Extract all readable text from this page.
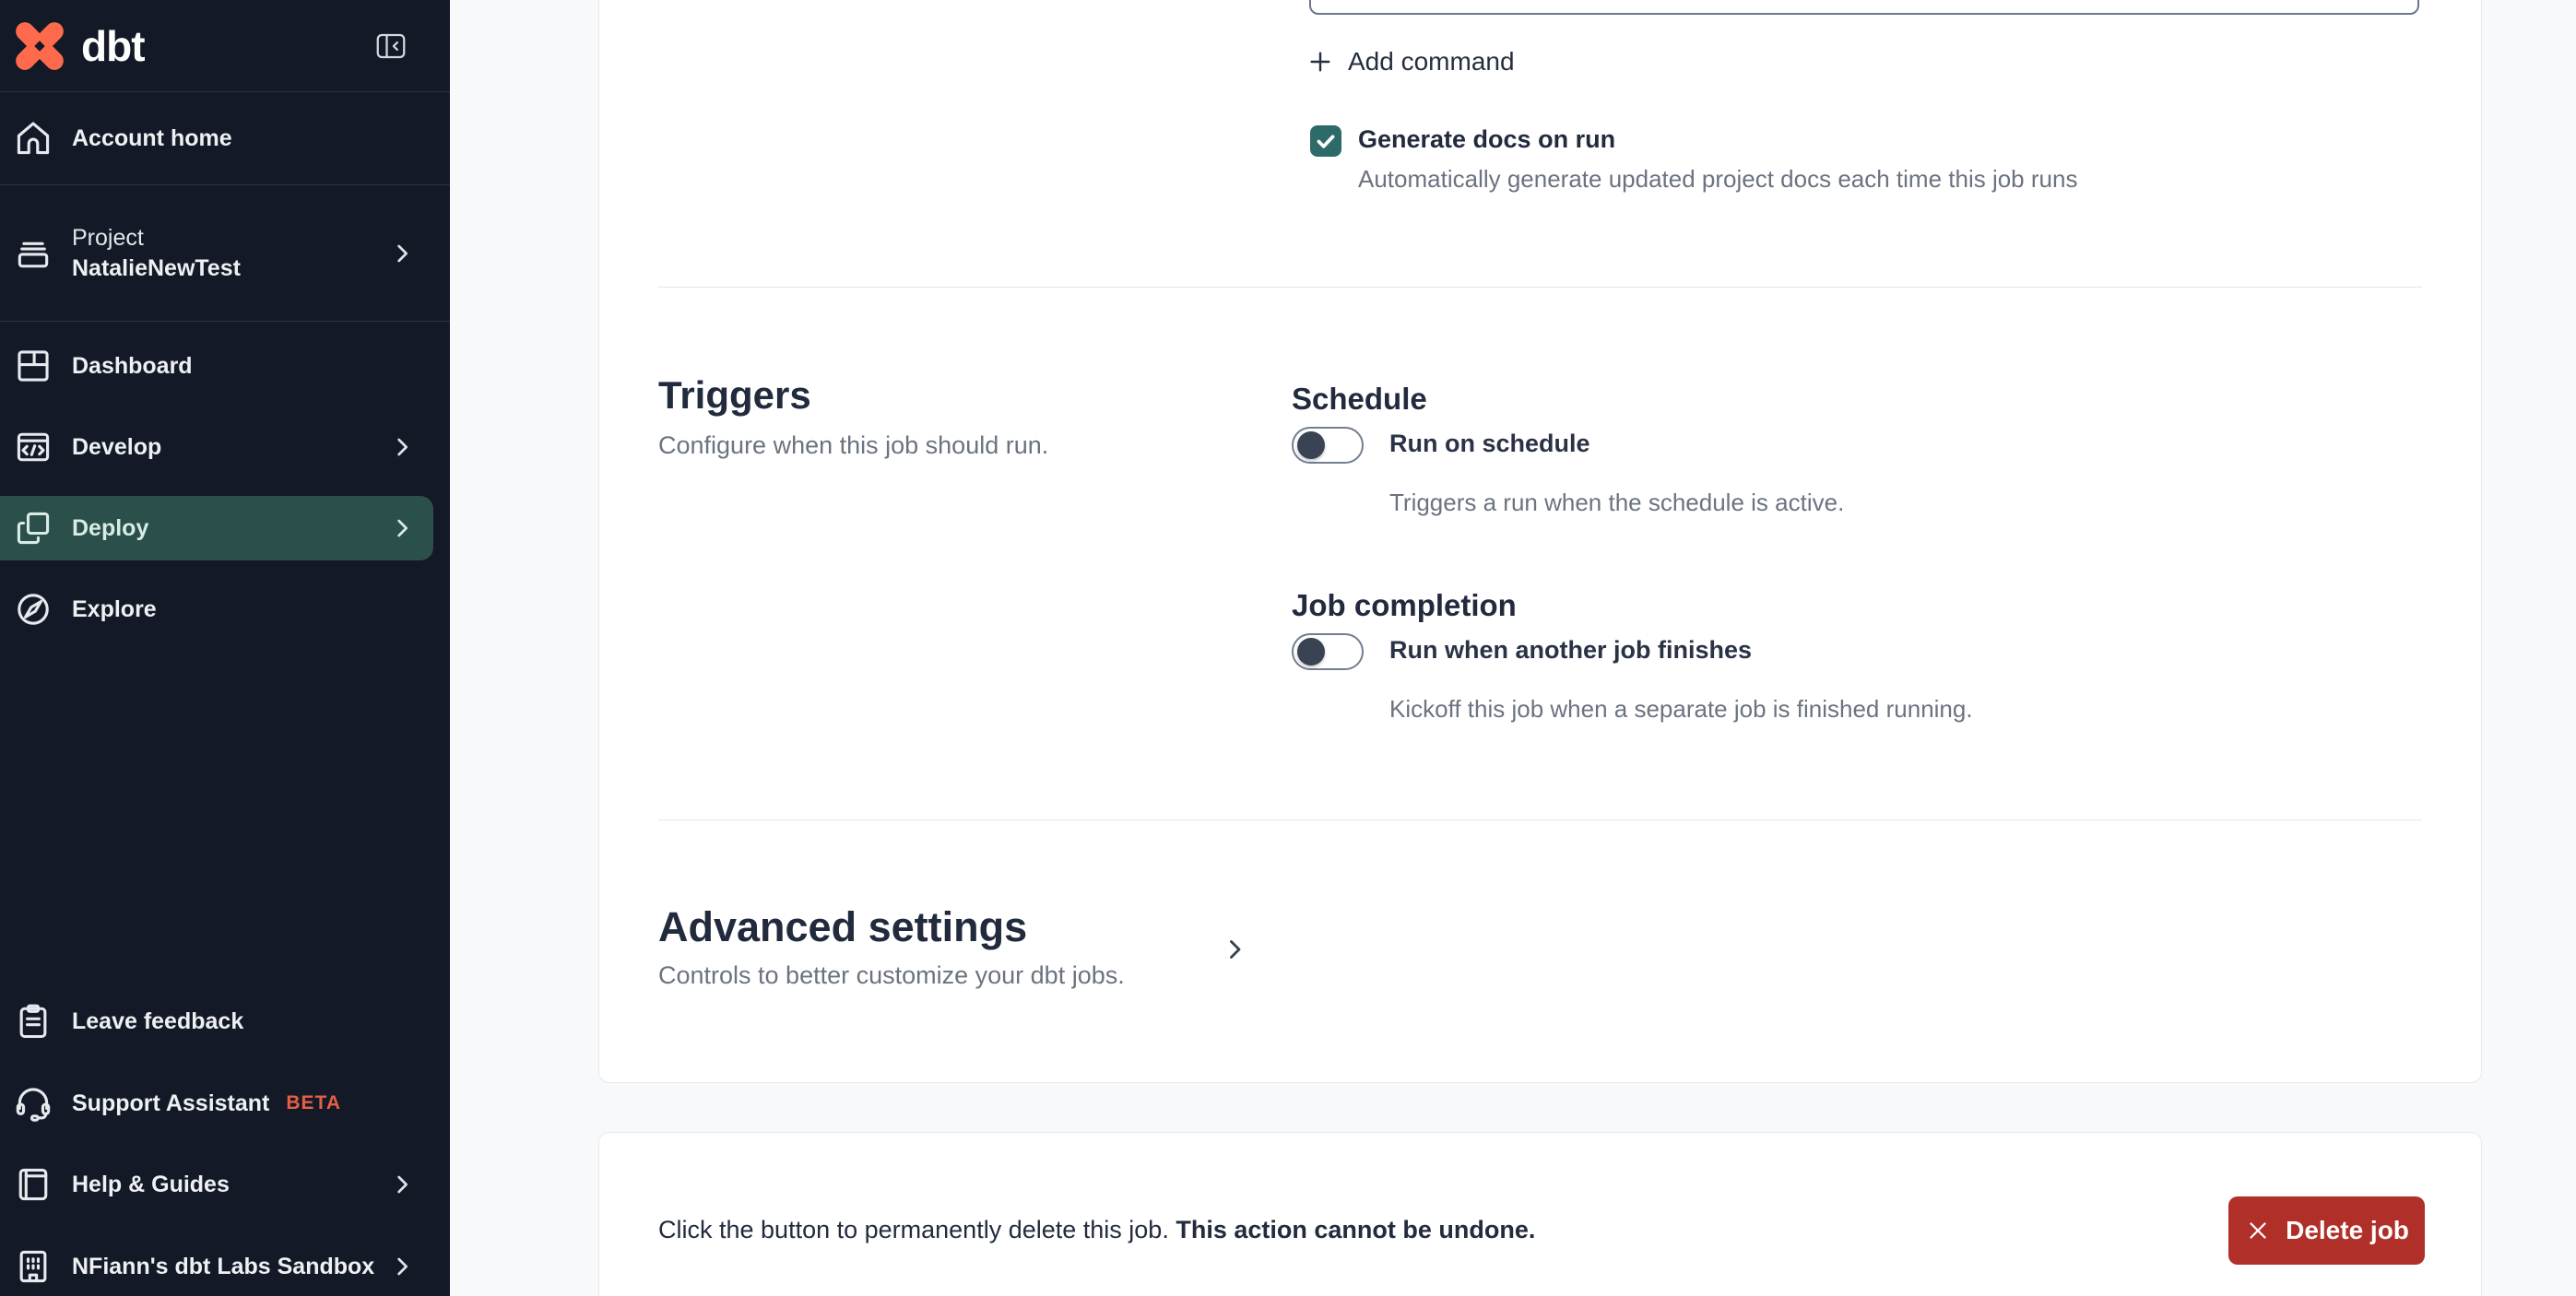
dbt
Account home
Project
NatalieNewTest
Dashboard
Develop
Deploy
Explore
Leave feedback
Support Assistant BETA
Help & Guides
NFiann's dbt Labs Sandbox
Add command
Generate docs on run
Automatically generate updated project docs each time this job runs
Triggers
Configure when this job should run.
Schedule
Run on schedule
Triggers a run when the schedule is active.
Job completion
Run when another job finishes
Kickoff this job when a separate job is finished running.
Advanced settings
Controls to better customize your dbt jobs.
Click the button to permanently delete this job. This action cannot be undone.	Delete job
